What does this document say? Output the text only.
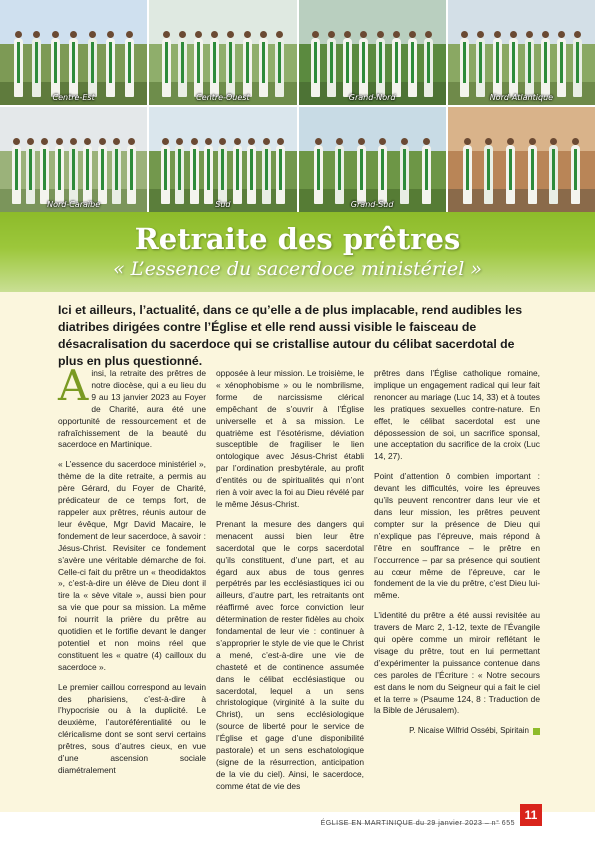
Centre-Est	Centre-Ouest	Grand-Nord	Nord-Atlantique
Nord-Caraïbe	Sud	Grand-Sud
Retraite des prêtres
« L’essence du sacerdoce ministériel »

Ici et ailleurs, l’actualité, dans ce qu’elle a de plus implacable, rend audibles les diatribes dirigées contre l’Église et elle rend aussi visible le faisceau de désacralisation du sacerdoce qui se cristallise autour du célibat sacerdotal de plus en plus questionné.

Ainsi, la retraite des prêtres de notre diocèse, qui a eu lieu du 9 au 13 janvier 2023 au Foyer de Charité, aura été une opportunité de ressourcement et de rafraîchissement de la beauté du sacerdoce en Martinique.

« L’essence du sacerdoce ministériel », thème de la dite retraite, a permis au père Gérard, du Foyer de Charité, prédicateur de ce temps fort, de rappeler aux prêtres, réunis autour de leur évêque, Mgr David Macaire, le fondement de leur sacerdoce, à savoir : Jésus-Christ. Revisiter ce fondement s’avère une véritable démarche de foi. Celle-ci fait du prêtre un « theodidaktos », c’est-à-dire un élève de Dieu dont il tire la « sève vitale », aussi bien pour sa vie que pour sa mission. La même foi nourrit la prière du prêtre au quotidien et le fortifie devant le danger potentiel et non moins réel que constituent les « quatre (4) cailloux du sacerdoce ».

Le premier caillou correspond au levain des pharisiens, c’est-à-dire à l’hypocrisie ou à la duplicité. Le deuxième, l’autoréférentialité ou le cléricalisme dont se sont servi certains prêtres, sous d’autres cieux, en vue d’une ascension sociale diamétralement

opposée à leur mission. Le troisième, le « xénophobisme » ou le nombrilisme, forme de narcissisme clérical empêchant de s’ouvrir à l’Église universelle et à sa mission. Le quatrième est l’ésotérisme, déviation susceptible de fragiliser le lien ontologique avec Jésus-Christ établi par l’ordination presbytérale, au profit d’entités ou de spiritualités qui n’ont rien à voir avec la foi au Dieu révélé par le même Jésus-Christ.

Prenant la mesure des dangers qui menacent aussi bien leur être sacerdotal que le corps sacerdotal qu’ils constituent, d’une part, et au égard aux abus de tous genres perpétrés par les ecclésiastiques ici ou ailleurs, d’autre part, les retraitants ont réaffirmé avec force conviction leur détermination de rester fidèles au choix fondamental de leur vie : continuer à s’approprier le style de vie que le Christ a mené, c’est-à-dire une vie de chasteté et de continence assumée dans le célibat ecclésiastique ou sacerdotal, lequel a un sens christologique (virginité à la suite du Christ), un sens ecclésiologique (source de liberté pour le service de l’Église et gage d’une disponibilité pastorale) et un sens eschatologique (signe de la résurrection, anticipation de la vie du ciel). Ainsi, le sacerdoce, comme état de vie des

prêtres dans l’Église catholique romaine, implique un engagement radical qui leur fait renoncer au mariage (Luc 14, 33) et à toutes les pratiques sexuelles contre-nature. En effet, le célibat sacerdotal est une dépossession de soi, un sacrifice sponsal, une acceptation du sacrifice de la croix (Luc 14, 27).

Point d’attention ô combien important : devant les difficultés, voire les épreuves qu’ils peuvent rencontrer dans leur vie et dans leur mission, les prêtres peuvent compter sur la présence de Dieu qui n’explique pas l’épreuve, mais répond à l’être en souffrance – le prêtre en l’occurrence – par sa présence qui soutient au cœur même de l’épreuve, car le fondement de la vie du prêtre, c’est Dieu lui-même.

L’identité du prêtre a été aussi revisitée au travers de Marc 2, 1-12, texte de l’Évangile qui opère comme un miroir reflétant le visage du prêtre, tout en lui permettant d’expérimenter la puissance contenue dans ces paroles de l’Écriture : « Notre secours est dans le nom du Seigneur qui a fait le ciel et la terre » (Psaume 124, 8 : Traduction de la Bible de Jérusalem).

P. Nicaise Wilfrid Ossébi, Spiritain
ÉGLISE EN MARTINIQUE du 29 janvier 2023 – n° 655
11
